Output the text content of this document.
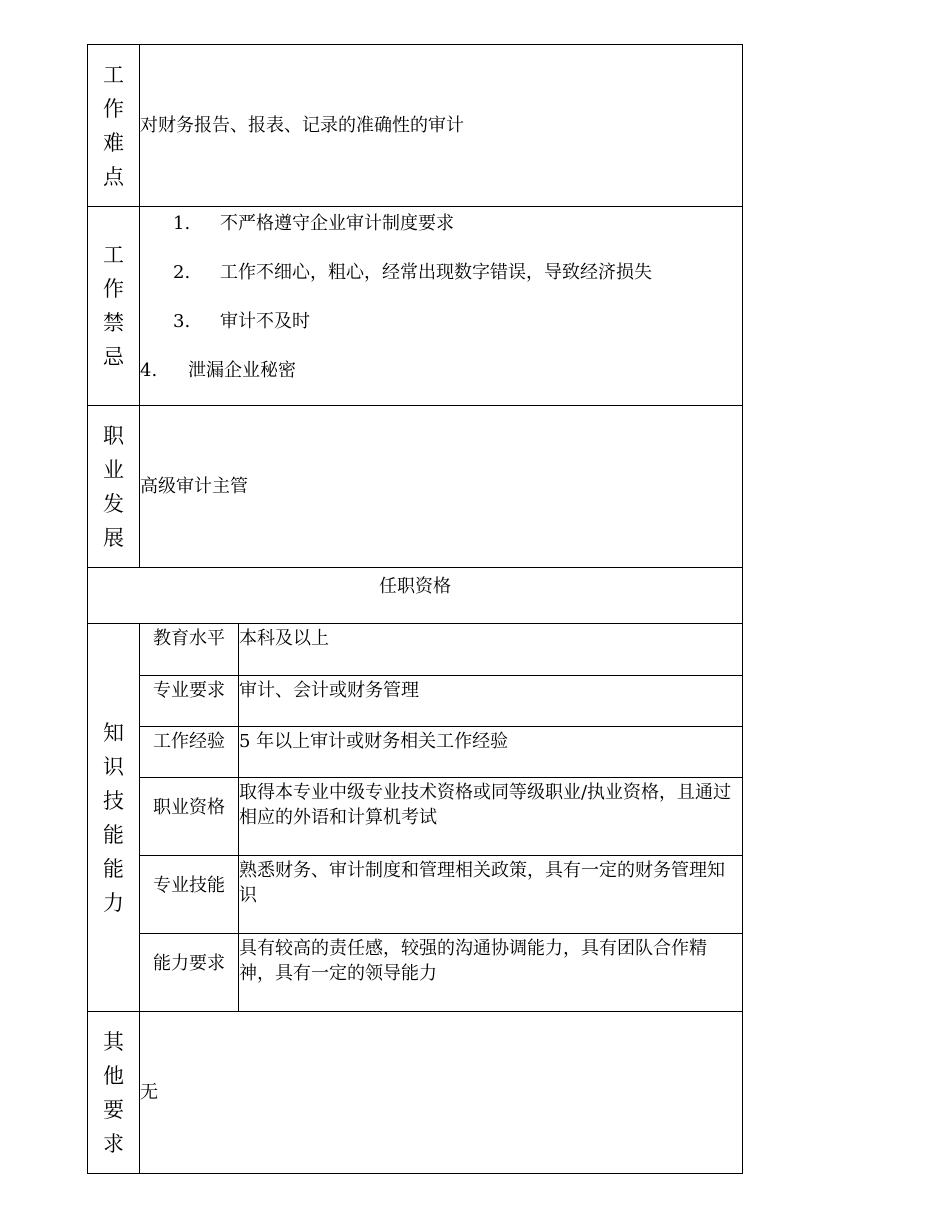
工
作
难
点
	对财务报告、报表、记录的准确性的审计

工
作
禁
忌

1.	不严格遵守企业审计制度要求
2.	工作不细心，粗心，经常出现数字错误，导致经济损失
3.	审计不及时
4.	泄漏企业秘密

职
业
发
展
	高级审计主管
任职资格

知
识
技
能
能
力

教育水平	本科及以上
专业要求	审计、会计或财务管理
工作经验	5 年以上审计或财务相关工作经验
职业资格	取得本专业中级专业技术资格或同等级职业/执业资格，且通过相应的外语和计算机考试
专业技能	熟悉财务、审计制度和管理相关政策，具有一定的财务管理知识
能力要求	具有较高的责任感，较强的沟通协调能力，具有团队合作精神，具有一定的领导能力

其
他
要
求
	无
